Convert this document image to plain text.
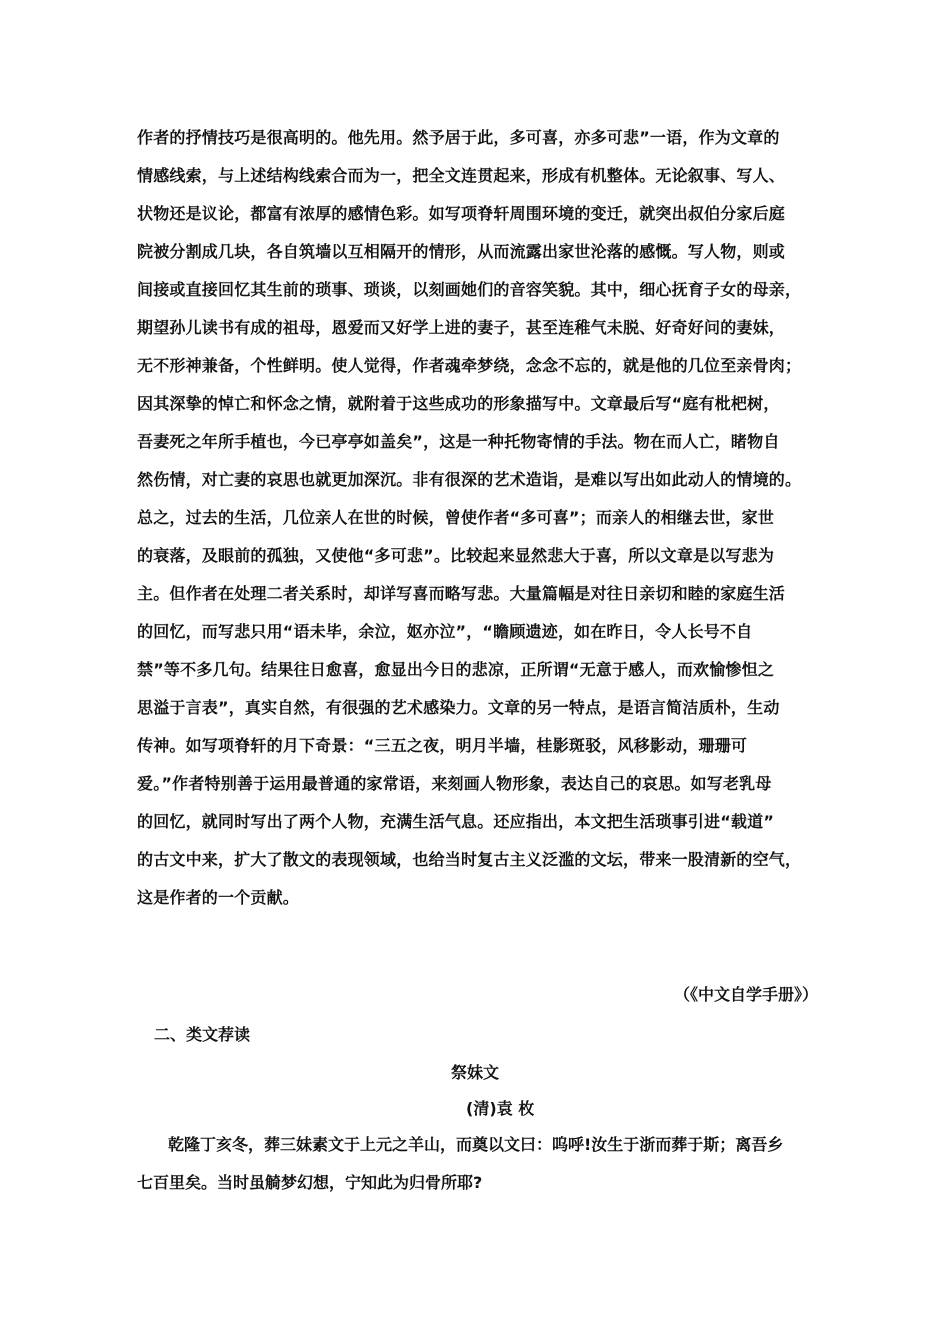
作者的抒情技巧是很高明的。他先用。然予居于此，多可喜，亦多可悲”一语，作为文章的
情感线索，与上述结构线索合而为一，把全文连贯起来，形成有机整体。无论叙事、写人、
状物还是议论，都富有浓厚的感情色彩。如写项脊轩周围环境的变迁，就突出叔伯分家后庭
院被分割成几块，各自筑墙以互相隔开的情形，从而流露出家世沦落的感慨。写人物，则或
间接或直接回忆其生前的琐事、琐谈，以刻画她们的音容笑貌。其中，细心抚育子女的母亲，
期望孙儿读书有成的祖母，恩爱而又好学上进的妻子，甚至连稚气未脱、好奇好问的妻妹，
无不形神兼备，个性鲜明。使人觉得，作者魂牵梦绕，念念不忘的，就是他的几位至亲骨肉；
因其深挚的悼亡和怀念之情，就附着于这些成功的形象描写中。文章最后写“庭有枇杷树，
吾妻死之年所手植也，今已亭亭如盖矣”，这是一种托物寄情的手法。物在而人亡，睹物自
然伤情，对亡妻的哀思也就更加深沉。非有很深的艺术造诣，是难以写出如此动人的情境的。
总之，过去的生活，几位亲人在世的时候，曾使作者“多可喜”；而亲人的相继去世，家世
的衰落，及眼前的孤独，又使他“多可悲”。比较起来显然悲大于喜，所以文章是以写悲为
主。但作者在处理二者关系时，却详写喜而略写悲。大量篇幅是对往日亲切和睦的家庭生活
的回忆，而写悲只用“语未毕，余泣，妪亦泣”，“瞻顾遗迹，如在昨日，令人长号不自
禁”等不多几句。结果往日愈喜，愈显出今日的悲凉，正所谓“无意于感人，而欢愉惨怛之
思溢于言表”，真实自然，有很强的艺术感染力。文章的另一特点，是语言简洁质朴，生动
传神。如写项脊轩的月下奇景：“三五之夜，明月半墙，桂影斑驳，风移影动，珊珊可
爱。”作者特别善于运用最普通的家常语，来刻画人物形象，表达自己的哀思。如写老乳母
的回忆，就同时写出了两个人物，充满生活气息。还应指出，本文把生活琐事引进“载道”
的古文中来，扩大了散文的表现领域，也给当时复古主义泛滥的文坛，带来一股清新的空气，
这是作者的一个贡献。
（《中文自学手册》）
二、类文荐读
祭妹文
(清)袁 枚
乾隆丁亥冬，葬三妹素文于上元之羊山，而奠以文曰：呜呼!汝生于浙而葬于斯；离吾乡
七百里矣。当时虽觭梦幻想，宁知此为归骨所耶?
